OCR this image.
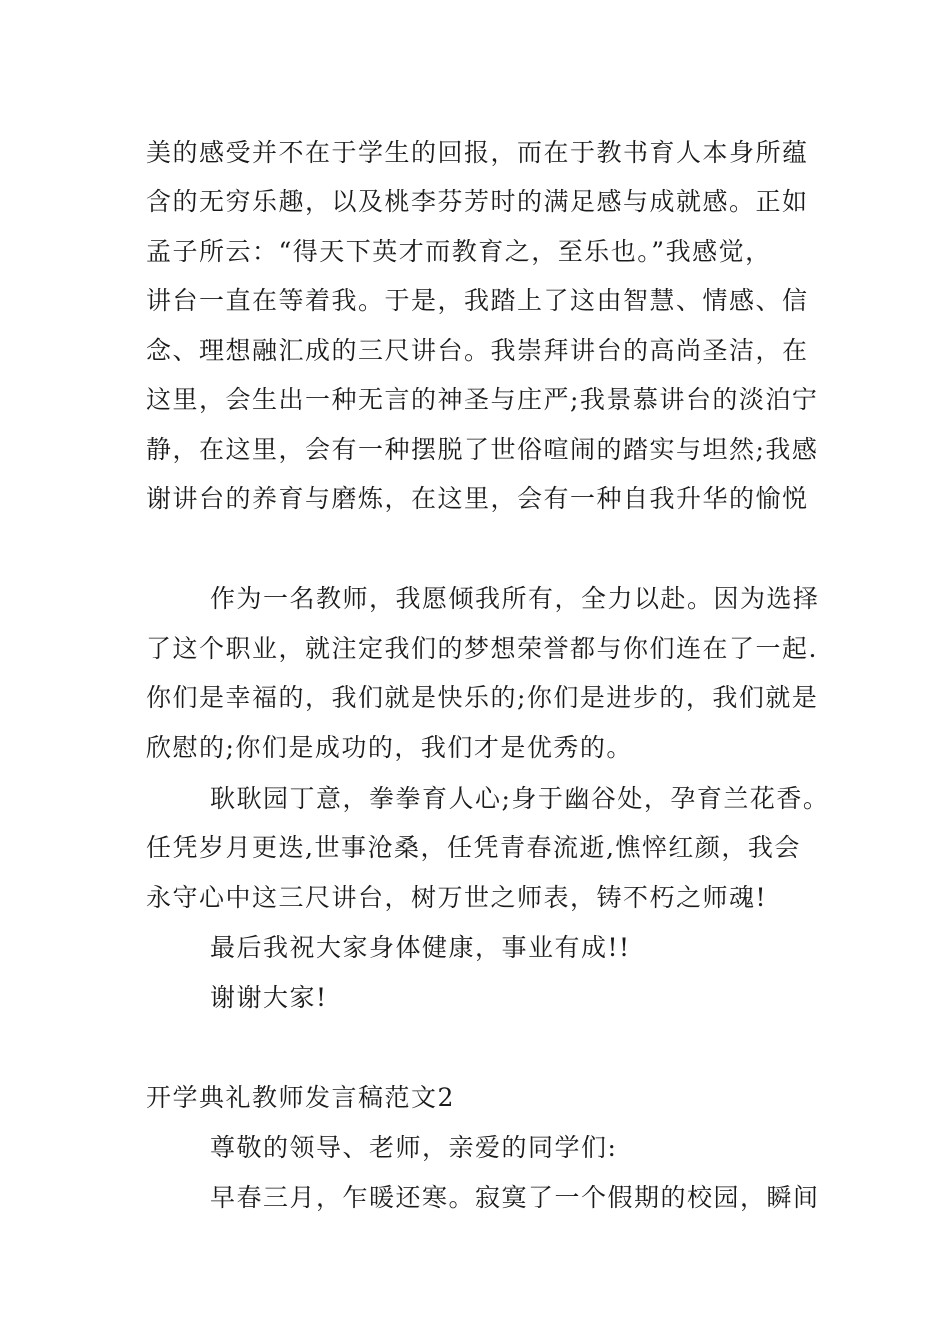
美的感受并不在于学生的回报，而在于教书育人本身所蕴
含的无穷乐趣，以及桃李芬芳时的满足感与成就感。正如
孟子所云：“得天下英才而教育之，至乐也。”我感觉，
讲台一直在等着我。于是，我踏上了这由智慧、情感、信
念、理想融汇成的三尺讲台。我崇拜讲台的高尚圣洁，在
这里，会生出一种无言的神圣与庄严;我景慕讲台的淡泊宁
静，在这里，会有一种摆脱了世俗喧闹的踏实与坦然;我感
谢讲台的养育与磨炼，在这里，会有一种自我升华的愉悦
作为一名教师，我愿倾我所有，全力以赴。因为选择
了这个职业，就注定我们的梦想荣誉都与你们连在了一起.
你们是幸福的，我们就是快乐的;你们是进步的，我们就是
欣慰的;你们是成功的，我们才是优秀的。
耿耿园丁意，拳拳育人心;身于幽谷处，孕育兰花香。
任凭岁月更迭,世事沧桑，任凭青春流逝,憔悴红颜，我会
永守心中这三尺讲台，树万世之师表，铸不朽之师魂!
最后我祝大家身体健康，事业有成!!
谢谢大家!
开学典礼教师发言稿范文2
尊敬的领导、老师，亲爱的同学们:
早春三月，乍暖还寒。寂寞了一个假期的校园，瞬间
